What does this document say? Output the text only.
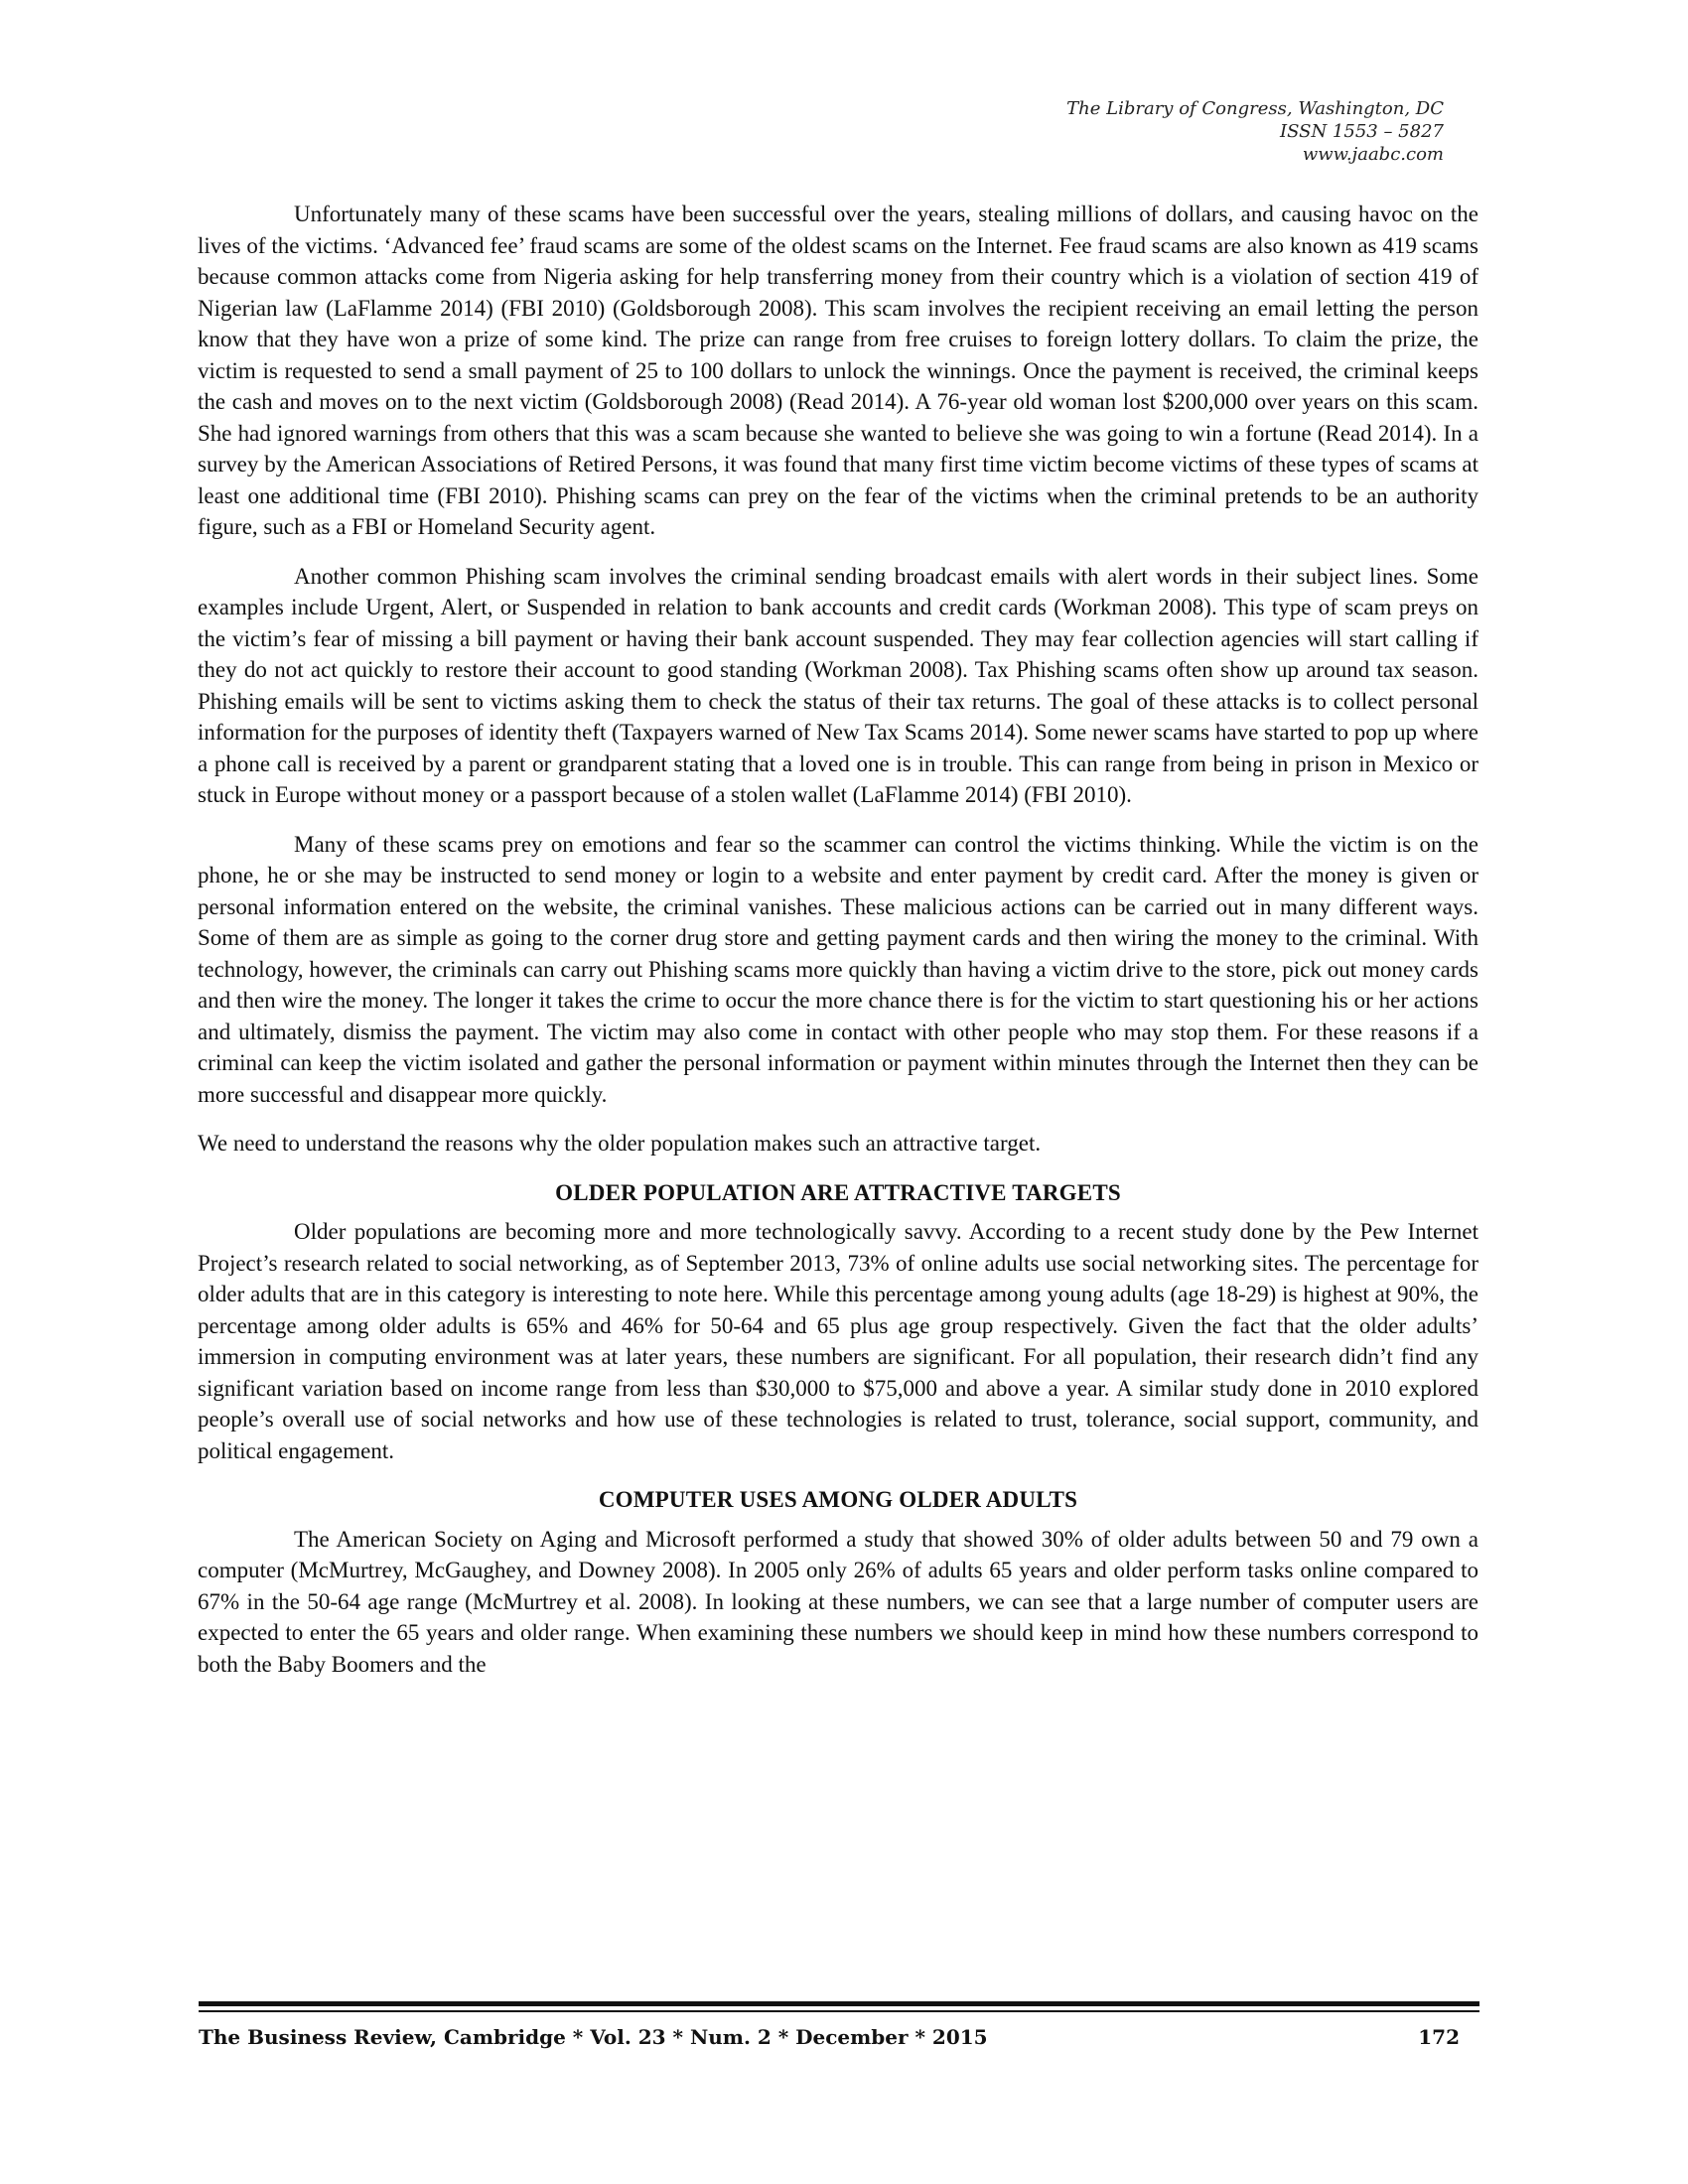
The Library of Congress, Washington, DC
ISSN 1553 – 5827
www.jaabc.com

Unfortunately many of these scams have been successful over the years, stealing millions of dollars, and causing havoc on the lives of the victims. ‘Advanced fee’ fraud scams are some of the oldest scams on the Internet. Fee fraud scams are also known as 419 scams because common attacks come from Nigeria asking for help transferring money from their country which is a violation of section 419 of Nigerian law (LaFlamme 2014) (FBI 2010) (Goldsborough 2008). This scam involves the recipient receiving an email letting the person know that they have won a prize of some kind. The prize can range from free cruises to foreign lottery dollars. To claim the prize, the victim is requested to send a small payment of 25 to 100 dollars to unlock the winnings. Once the payment is received, the criminal keeps the cash and moves on to the next victim (Goldsborough 2008) (Read 2014). A 76-year old woman lost $200,000 over years on this scam. She had ignored warnings from others that this was a scam because she wanted to believe she was going to win a fortune (Read 2014). In a survey by the American Associations of Retired Persons, it was found that many first time victim become victims of these types of scams at least one additional time (FBI 2010). Phishing scams can prey on the fear of the victims when the criminal pretends to be an authority figure, such as a FBI or Homeland Security agent.

Another common Phishing scam involves the criminal sending broadcast emails with alert words in their subject lines. Some examples include Urgent, Alert, or Suspended in relation to bank accounts and credit cards (Workman 2008). This type of scam preys on the victim’s fear of missing a bill payment or having their bank account suspended. They may fear collection agencies will start calling if they do not act quickly to restore their account to good standing (Workman 2008). Tax Phishing scams often show up around tax season. Phishing emails will be sent to victims asking them to check the status of their tax returns. The goal of these attacks is to collect personal information for the purposes of identity theft (Taxpayers warned of New Tax Scams 2014). Some newer scams have started to pop up where a phone call is received by a parent or grandparent stating that a loved one is in trouble. This can range from being in prison in Mexico or stuck in Europe without money or a passport because of a stolen wallet (LaFlamme 2014) (FBI 2010).

Many of these scams prey on emotions and fear so the scammer can control the victims thinking. While the victim is on the phone, he or she may be instructed to send money or login to a website and enter payment by credit card. After the money is given or personal information entered on the website, the criminal vanishes. These malicious actions can be carried out in many different ways. Some of them are as simple as going to the corner drug store and getting payment cards and then wiring the money to the criminal. With technology, however, the criminals can carry out Phishing scams more quickly than having a victim drive to the store, pick out money cards and then wire the money. The longer it takes the crime to occur the more chance there is for the victim to start questioning his or her actions and ultimately, dismiss the payment. The victim may also come in contact with other people who may stop them. For these reasons if a criminal can keep the victim isolated and gather the personal information or payment within minutes through the Internet then they can be more successful and disappear more quickly.

We need to understand the reasons why the older population makes such an attractive target.

OLDER POPULATION ARE ATTRACTIVE TARGETS

Older populations are becoming more and more technologically savvy. According to a recent study done by the Pew Internet Project’s research related to social networking, as of September 2013, 73% of online adults use social networking sites. The percentage for older adults that are in this category is interesting to note here. While this percentage among young adults (age 18-29) is highest at 90%, the percentage among older adults is 65% and 46% for 50-64 and 65 plus age group respectively. Given the fact that the older adults’ immersion in computing environment was at later years, these numbers are significant. For all population, their research didn’t find any significant variation based on income range from less than $30,000 to $75,000 and above a year. A similar study done in 2010 explored people’s overall use of social networks and how use of these technologies is related to trust, tolerance, social support, community, and political engagement.

COMPUTER USES AMONG OLDER ADULTS

The American Society on Aging and Microsoft performed a study that showed 30% of older adults between 50 and 79 own a computer (McMurtrey, McGaughey, and Downey 2008). In 2005 only 26% of adults 65 years and older perform tasks online compared to 67% in the 50-64 age range (McMurtrey et al. 2008). In looking at these numbers, we can see that a large number of computer users are expected to enter the 65 years and older range. When examining these numbers we should keep in mind how these numbers correspond to both the Baby Boomers and the

The Business Review, Cambridge * Vol. 23 * Num. 2 * December * 2015	172
